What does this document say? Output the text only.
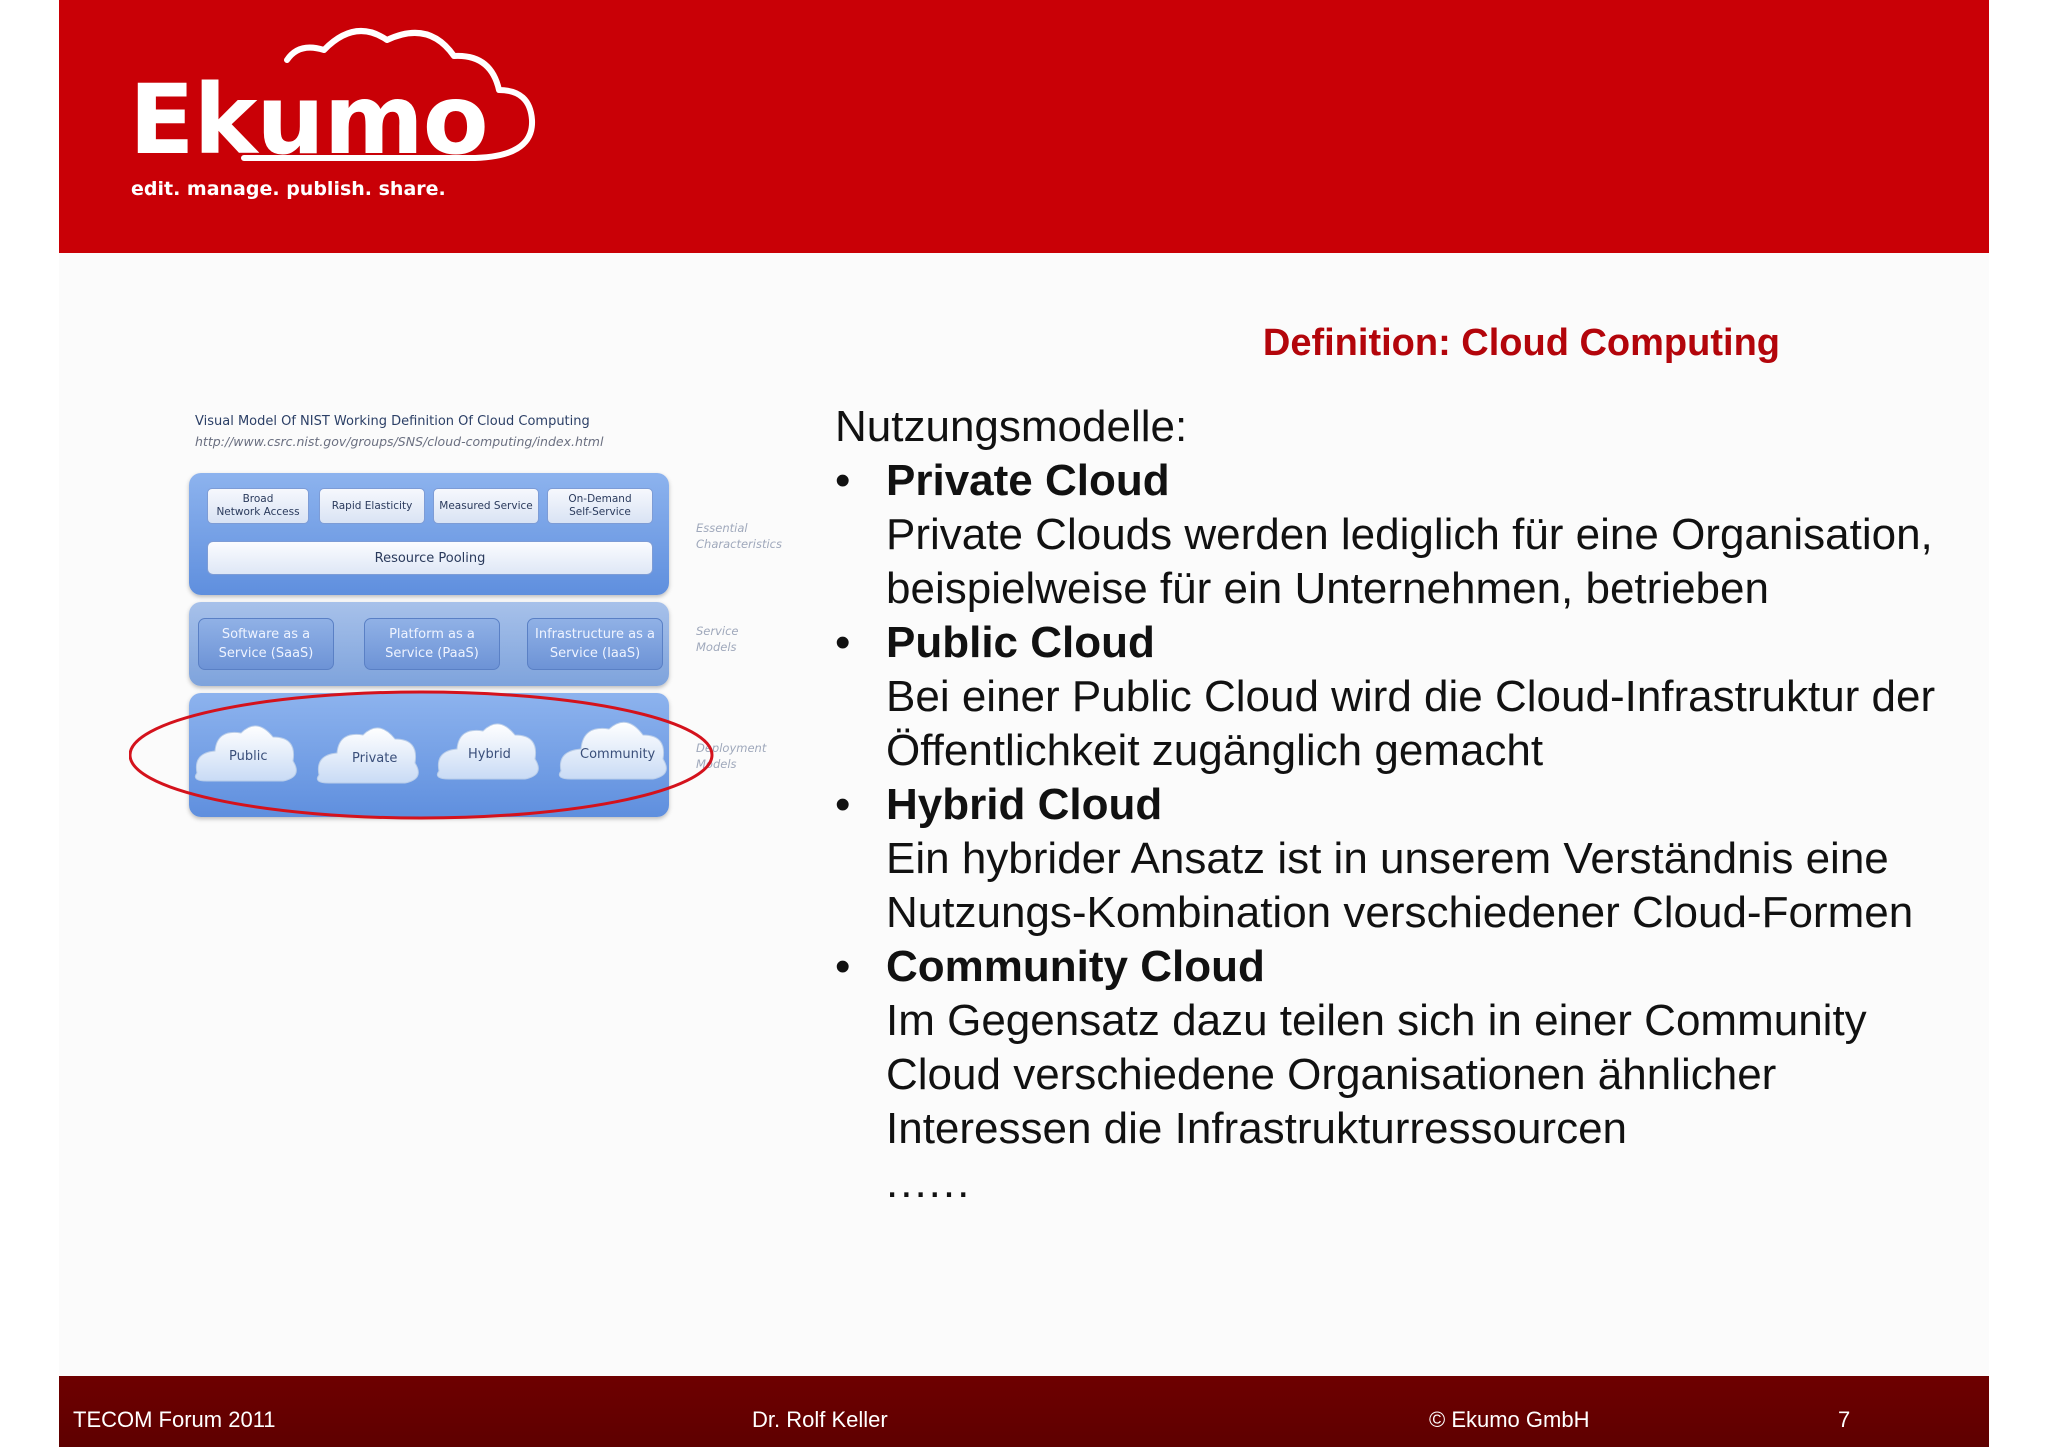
Ekumo
edit. manage. publish. share.
Definition: Cloud Computing
Visual Model Of NIST Working Definition Of Cloud Computing
http://www.csrc.nist.gov/groups/SNS/cloud-computing/index.html
Broad
Network Access
Rapid Elasticity	Measured Service
On-Demand
Self-Service
Resource Pooling
Software as a
Service (SaaS)
Platform as a
Service (PaaS)
Infrastructure as a
Service (IaaS)
Public	Private	Hybrid	Community
Essential
Characteristics
Service
Models
Deployment
Models
Nutzungsmodelle:
• Private Cloud
Private Clouds werden lediglich für eine Organisation, beispielweise für ein Unternehmen, betrieben
• Public Cloud
Bei einer Public Cloud wird die Cloud-Infrastruktur der Öffentlichkeit zugänglich gemacht
• Hybrid Cloud
Ein hybrider Ansatz ist in unserem Verständnis eine Nutzungs-Kombination verschiedener Cloud-Formen
• Community Cloud
Im Gegensatz dazu teilen sich in einer Community Cloud verschiedene Organisationen ähnlicher Interessen die Infrastrukturressourcen
......
TECOM Forum 2011	Dr. Rolf Keller	© Ekumo GmbH	7
